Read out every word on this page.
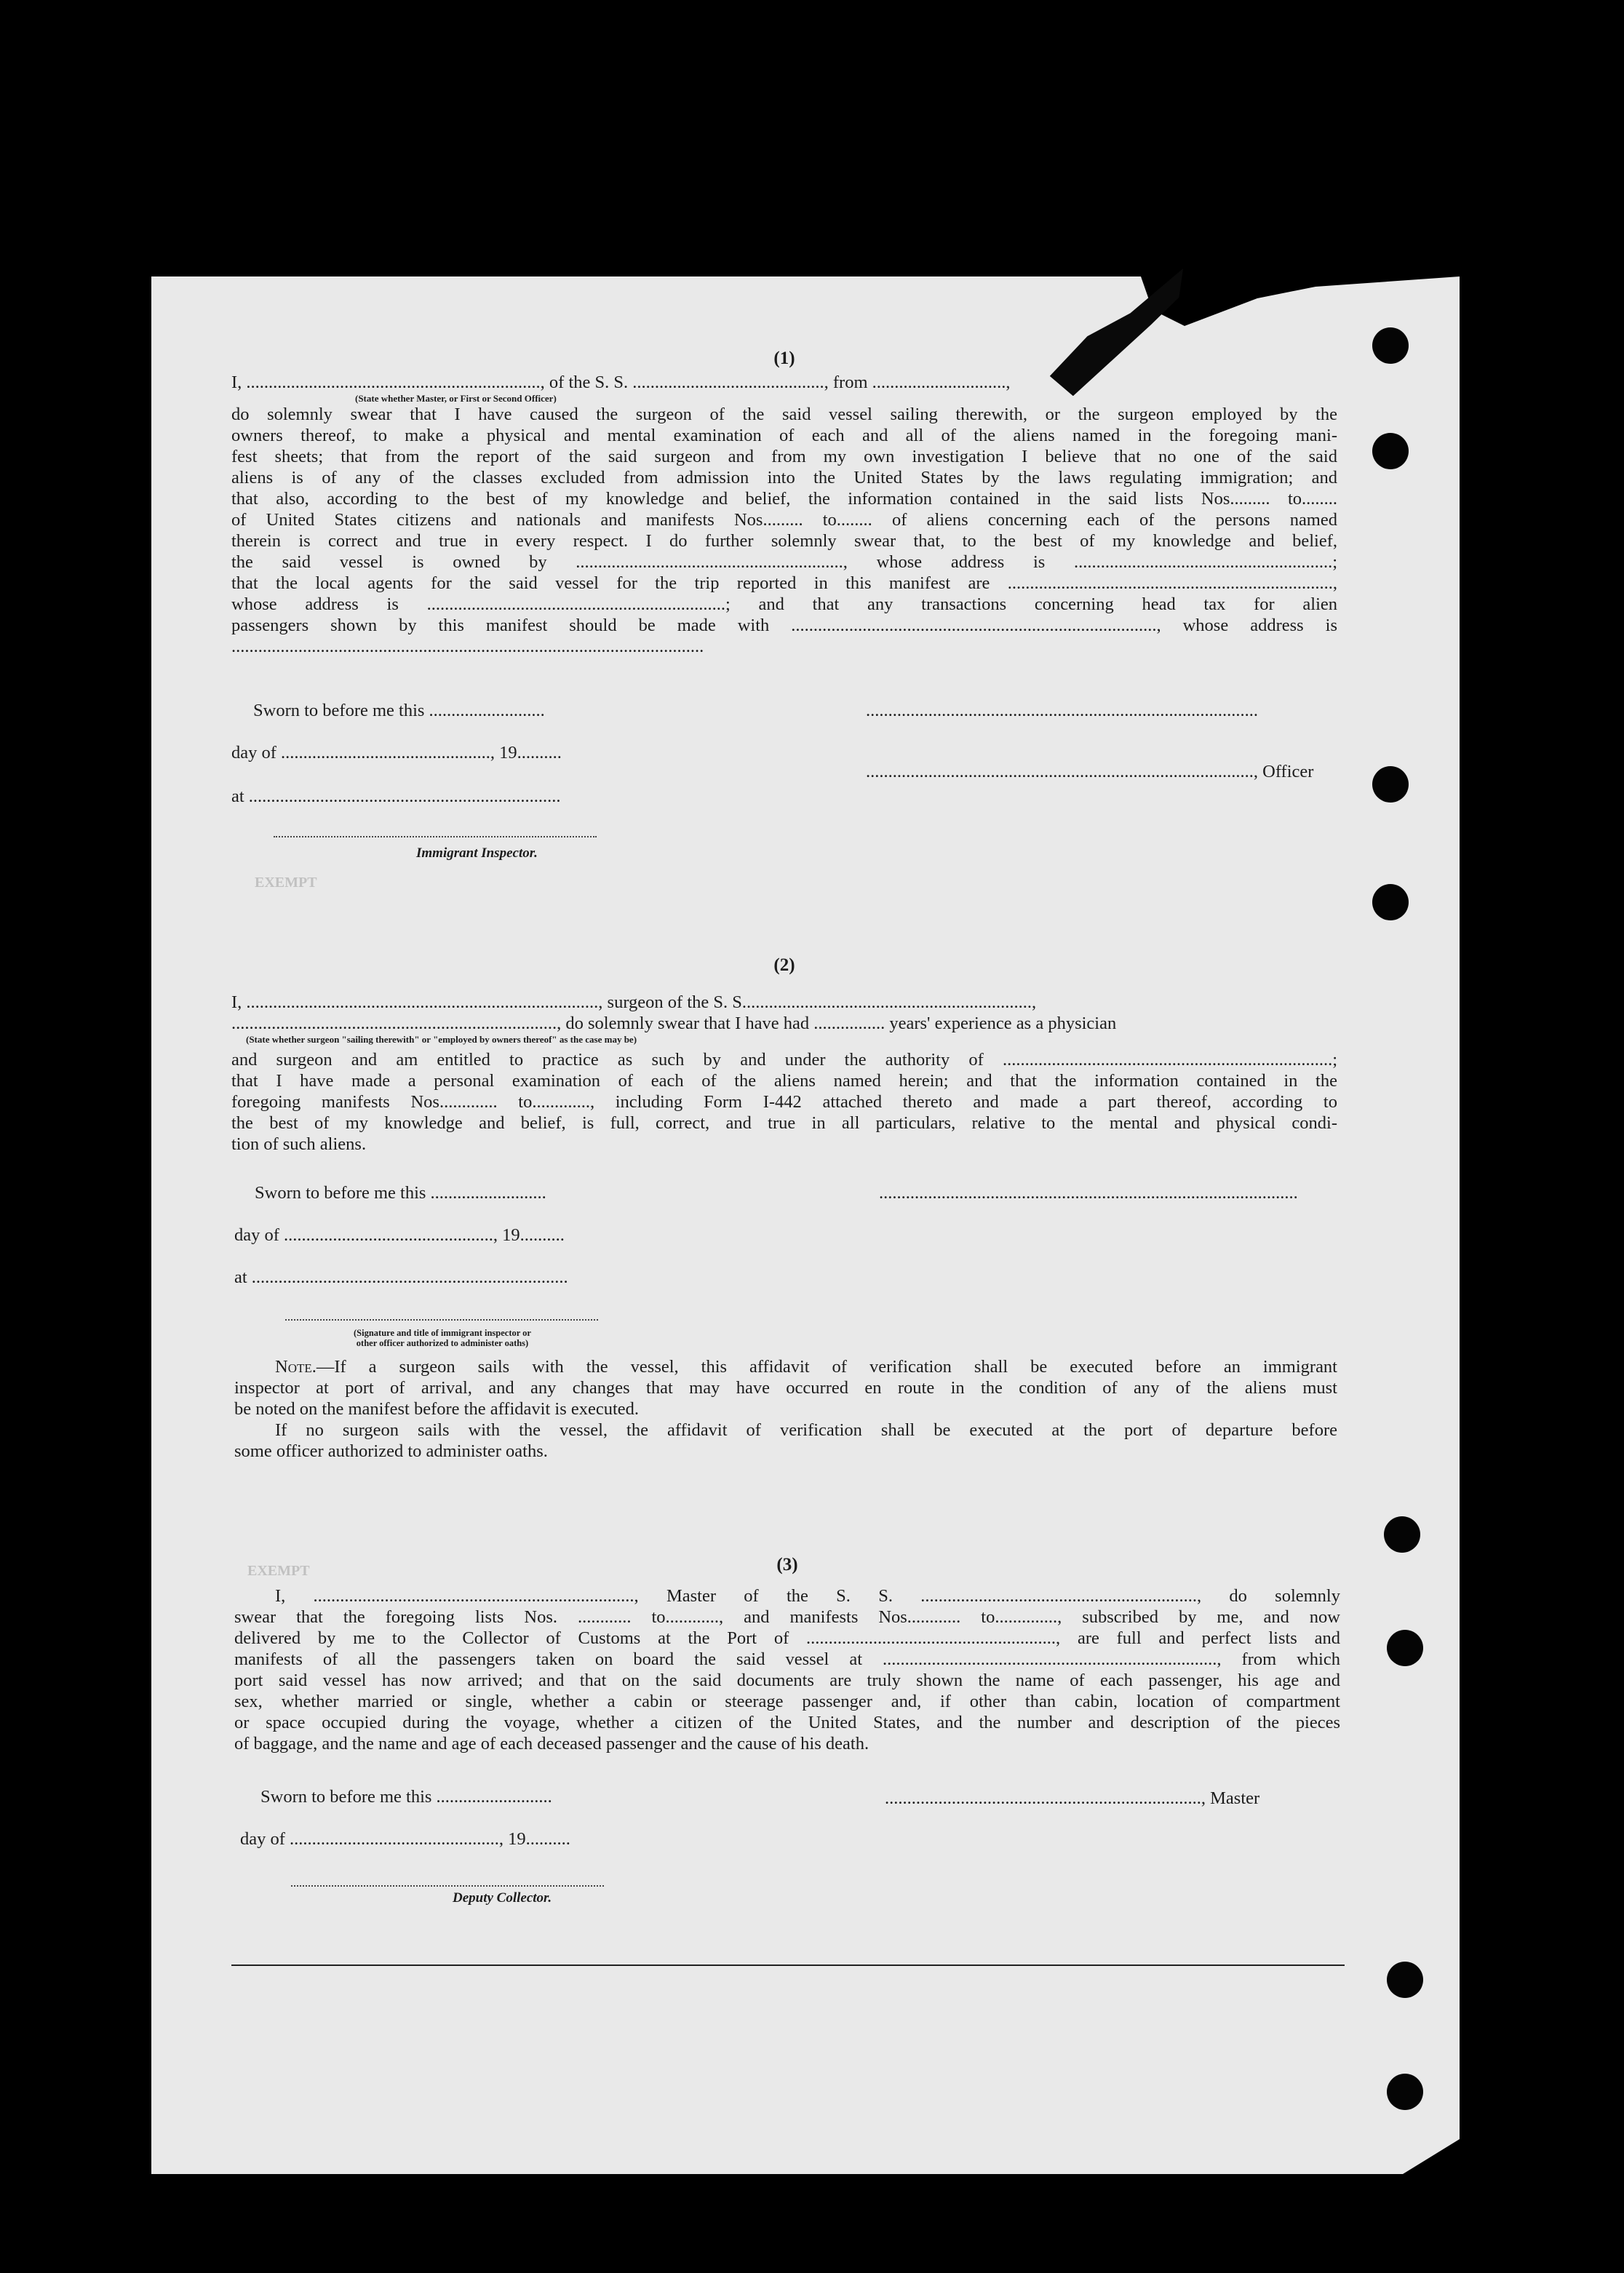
EXEMPT
EXEMPT
(1)
I, .................................................................., of the S. S. ..........................................., from ..............................,
(State whether Master, or First or Second Officer)
do solemnly swear that I have caused the surgeon of the said vessel sailing therewith, or the surgeon employed by the
owners thereof, to make a physical and mental examination of each and all of the aliens named in the foregoing mani-
fest sheets; that from the report of the said surgeon and from my own investigation I believe that no one of the said
aliens is of any of the classes excluded from admission into the United States by the laws regulating immigration; and
that also, according to the best of my knowledge and belief, the information contained in the said lists Nos......... to........
of United States citizens and nationals and manifests Nos......... to........ of aliens concerning each of the persons named
therein is correct and true in every respect. I do further solemnly swear that, to the best of my knowledge and belief,
the said vessel is owned by ............................................................, whose address is ..........................................................;
that the local agents for the said vessel for the trip reported in this manifest are .........................................................................,
whose address is ...................................................................; and that any transactions concerning head tax for alien
passengers shown by this manifest should be made with .................................................................................., whose address is
..........................................................................................................
Sworn to before me this ..........................	........................................................................................
day of ..............................................., 19..........
......................................................................................., Officer
at ......................................................................
Immigrant Inspector.
(2)
I, ..............................................................................., surgeon of the S. S.................................................................,
........................................................................., do solemnly swear that I have had ................ years' experience as a physician
(State whether surgeon "sailing therewith" or "employed by owners thereof" as the case may be)
and surgeon and am entitled to practice as such by and under the authority of ..........................................................................;
that I have made a personal examination of each of the aliens named herein; and that the information contained in the
foregoing manifests Nos............. to............., including Form I-442 attached thereto and made a part thereof, according to
the best of my knowledge and belief, is full, correct, and true in all particulars, relative to the mental and physical condi-
tion of such aliens.
Sworn to before me this ..........................	..............................................................................................
day of ..............................................., 19..........
at .......................................................................
(Signature and title of immigrant inspector or
other officer authorized to administer oaths)
Note.—If a surgeon sails with the vessel, this affidavit of verification shall be executed before an immigrant
inspector at port of arrival, and any changes that may have occurred en route in the condition of any of the aliens must
be noted on the manifest before the affidavit is executed.
If no surgeon sails with the vessel, the affidavit of verification shall be executed at the port of departure before
some officer authorized to administer oaths.
(3)
I, ........................................................................, Master of the S. S. .............................................................., do solemnly
swear that the foregoing lists Nos. ............ to............, and manifests Nos............ to.............., subscribed by me, and now
delivered by me to the Collector of Customs at the Port of ........................................................, are full and perfect lists and
manifests of all the passengers taken on board the said vessel at ..........................................................................., from which
port said vessel has now arrived; and that on the said documents are truly shown the name of each passenger, his age and
sex, whether married or single, whether a cabin or steerage passenger and, if other than cabin, location of compartment
or space occupied during the voyage, whether a citizen of the United States, and the number and description of the pieces
of baggage, and the name and age of each deceased passenger and the cause of his death.
Sworn to before me this ..........................	......................................................................., Master
day of ..............................................., 19..........
Deputy Collector.
